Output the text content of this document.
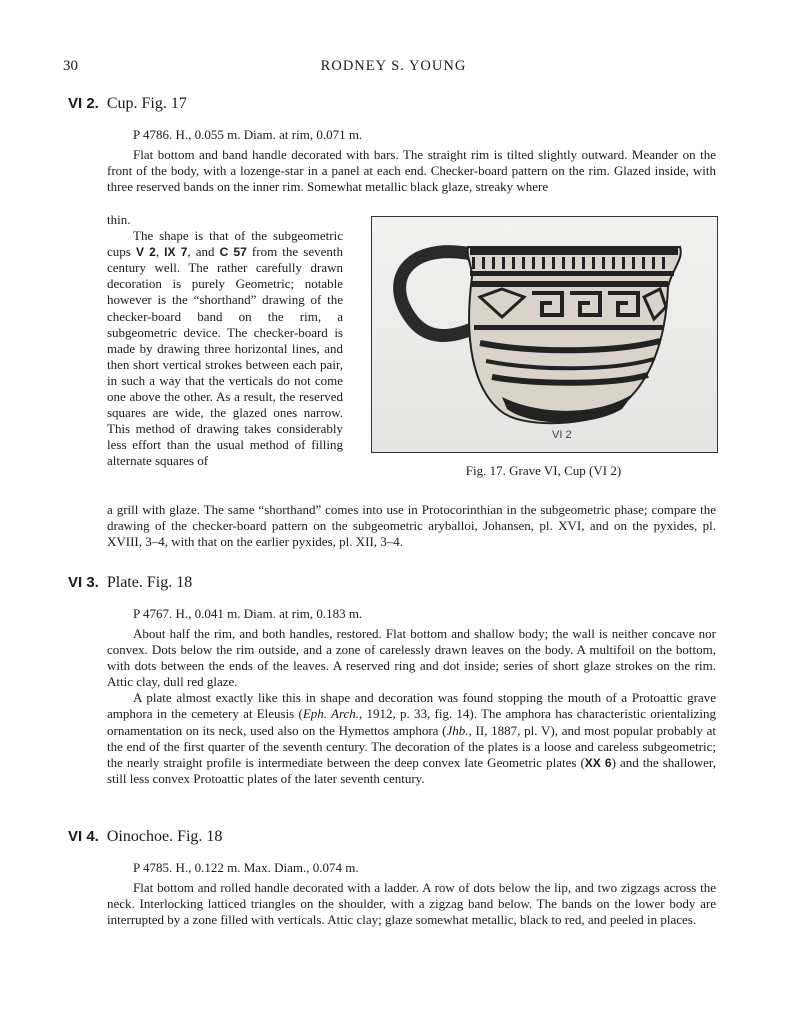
30	RODNEY S. YOUNG
VI 2. Cup. Fig. 17
P 4786. H., 0.055 m. Diam. at rim, 0.071 m.

Flat bottom and band handle decorated with bars. The straight rim is tilted slightly outward. Meander on the front of the body, with a lozenge-star in a panel at each end. Checker-board pattern on the rim. Glazed inside, with three reserved bands on the inner rim. Somewhat metallic black glaze, streaky where

thin.

The shape is that of the subgeometric cups V 2, IX 7, and C 57 from the seventh century well. The rather carefully drawn decoration is purely Geometric; notable however is the “shorthand” drawing of the checker-board band on the rim, a subgeometric device. The checker-board is made by drawing three horizontal lines, and then short vertical strokes between each pair, in such a way that the verticals do not come one above the other. As a result, the reserved squares are wide, the glazed ones narrow. This method of drawing takes considerably less effort than the usual method of filling alternate squares of

a grill with glaze. The same “shorthand” comes into use in Protocorinthian in the subgeometric phase; compare the drawing of the checker-board pattern on the subgeometric aryballoi, Johansen, pl. XVI, and on the pyxides, pl. XVIII, 3–4, with that on the earlier pyxides, pl. XII, 3–4.
VI 2
Fig. 17. Grave VI, Cup (VI 2)
VI 3. Plate. Fig. 18
P 4767. H., 0.041 m. Diam. at rim, 0.183 m.

About half the rim, and both handles, restored. Flat bottom and shallow body; the wall is neither concave nor convex. Dots below the rim outside, and a zone of carelessly drawn leaves on the body. A multifoil on the bottom, with dots between the ends of the leaves. A reserved ring and dot inside; series of short glaze strokes on the rim. Attic clay, dull red glaze.

A plate almost exactly like this in shape and decoration was found stopping the mouth of a Protoattic grave amphora in the cemetery at Eleusis (Eph. Arch., 1912, p. 33, fig. 14). The amphora has characteristic orientalizing ornamentation on its neck, used also on the Hymettos amphora (Jhb., II, 1887, pl. V), and most popular probably at the end of the first quarter of the seventh century. The decoration of the plates is a loose and careless subgeometric; the nearly straight profile is intermediate between the deep convex late Geometric plates (XX 6) and the shallower, still less convex Protoattic plates of the later seventh century.

VI 4. Oinochoe. Fig. 18
P 4785. H., 0.122 m. Max. Diam., 0.074 m.

Flat bottom and rolled handle decorated with a ladder. A row of dots below the lip, and two zigzags across the neck. Interlocking latticed triangles on the shoulder, with a zigzag band below. The bands on the lower body are interrupted by a zone filled with verticals. Attic clay; glaze somewhat metallic, black to red, and peeled in places.
